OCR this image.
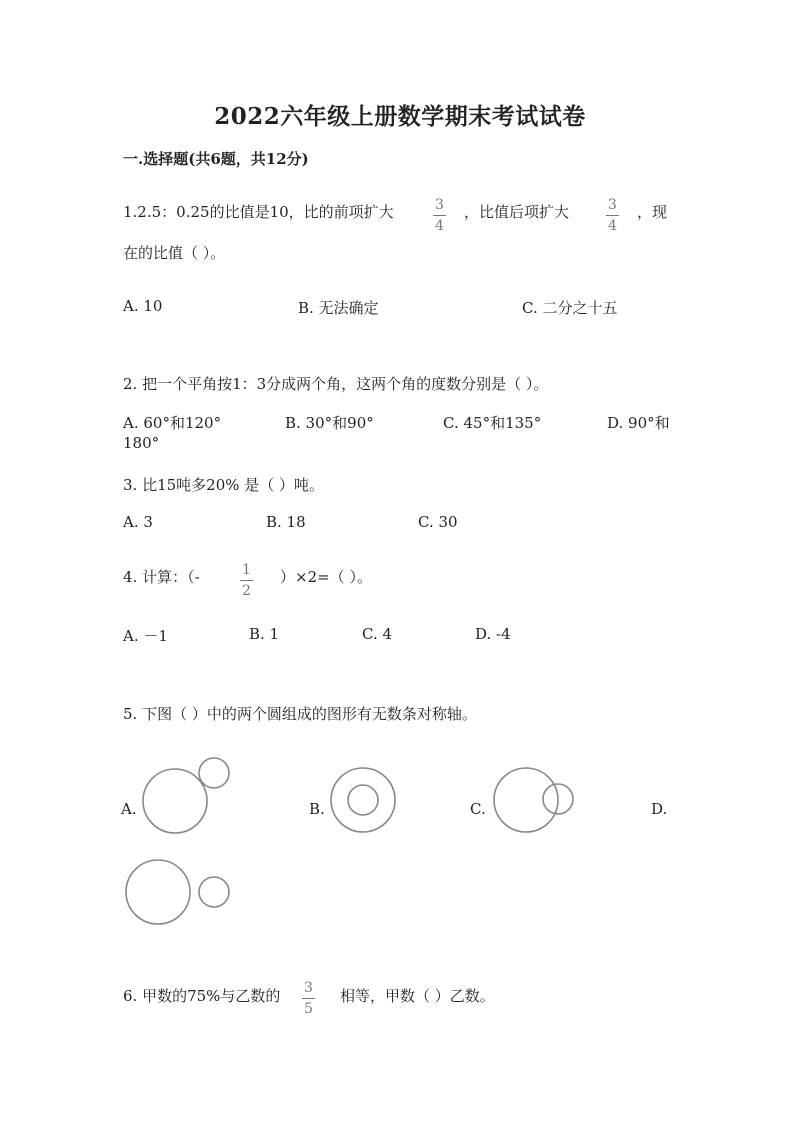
2022六年级上册数学期末考试试卷
一.选择题(共6题，共12分)
1.2.5：0.25的比值是10，比的前项扩大	3
4
，比值后项扩大	3
4
，现
在的比值（ ）。
A. 10	B. 无法确定	C. 二分之十五
2. 把一个平角按1：3分成两个角，这两个角的度数分别是（ ）。
A. 60°和120°	B. 30°和90°	C. 45°和135°	D. 90°和
180°
3. 比15吨多20% 是（ ）吨。
A. 3	B. 18	C. 30
4. 计算：（-	1
2
）×2=（ ）。
A. －1	B. 1	C. 4	D. -4
5. 下图（ ）中的两个圆组成的图形有无数条对称轴。
A.	B.	C.	D.
6. 甲数的75%与乙数的 3
5
相等，甲数（ ）乙数。
